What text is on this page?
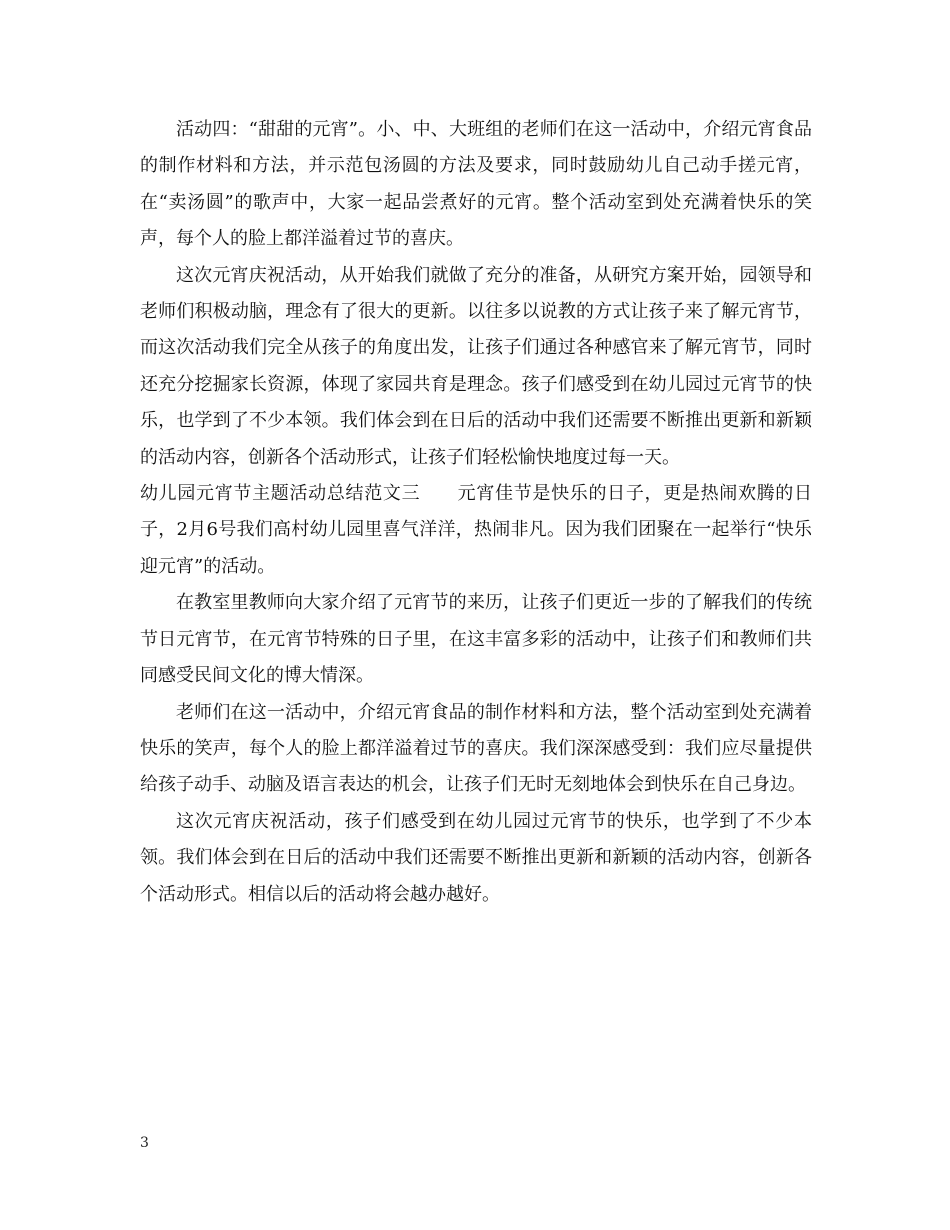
活动四：“甜甜的元宵”。小、中、大班组的老师们在这一活动中，介绍元宵食品的制作材料和方法，并示范包汤圆的方法及要求，同时鼓励幼儿自己动手搓元宵，在“卖汤圆”的歌声中，大家一起品尝煮好的元宵。整个活动室到处充满着快乐的笑声，每个人的脸上都洋溢着过节的喜庆。

这次元宵庆祝活动，从开始我们就做了充分的准备，从研究方案开始，园领导和老师们积极动脑，理念有了很大的更新。以往多以说教的方式让孩子来了解元宵节，而这次活动我们完全从孩子的角度出发，让孩子们通过各种感官来了解元宵节，同时还充分挖掘家长资源，体现了家园共育是理念。孩子们感受到在幼儿园过元宵节的快乐，也学到了不少本领。我们体会到在日后的活动中我们还需要不断推出更新和新颖的活动内容，创新各个活动形式，让孩子们轻松愉快地度过每一天。

幼儿园元宵节主题活动总结范文三　　元宵佳节是快乐的日子，更是热闹欢腾的日子，2月6号我们高村幼儿园里喜气洋洋，热闹非凡。因为我们团聚在一起举行“快乐迎元宵”的活动。

在教室里教师向大家介绍了元宵节的来历，让孩子们更近一步的了解我们的传统节日元宵节，在元宵节特殊的日子里，在这丰富多彩的活动中，让孩子们和教师们共同感受民间文化的博大情深。

老师们在这一活动中，介绍元宵食品的制作材料和方法，整个活动室到处充满着快乐的笑声，每个人的脸上都洋溢着过节的喜庆。我们深深感受到：我们应尽量提供给孩子动手、动脑及语言表达的机会，让孩子们无时无刻地体会到快乐在自己身边。

这次元宵庆祝活动，孩子们感受到在幼儿园过元宵节的快乐，也学到了不少本领。我们体会到在日后的活动中我们还需要不断推出更新和新颖的活动内容，创新各个活动形式。相信以后的活动将会越办越好。

3
